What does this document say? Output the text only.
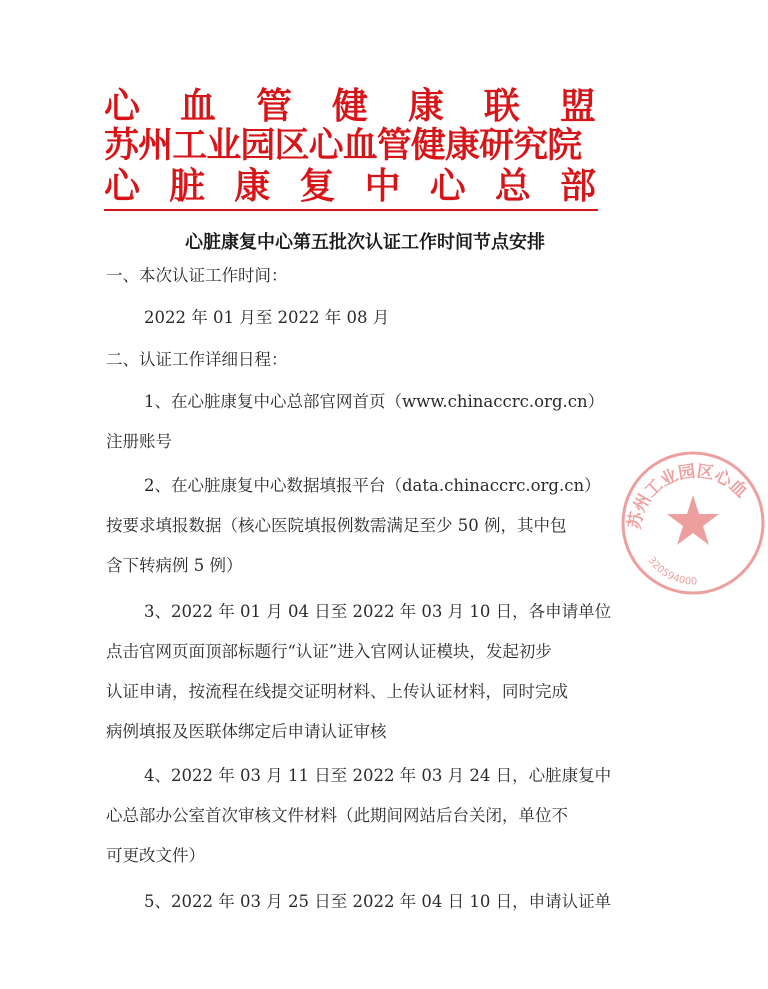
心 血 管 健 康 联 盟
苏州工业园区心血管健康研究院
心 脏 康 复 中 心 总 部
心脏康复中心第五批次认证工作时间节点安排
一、本次认证工作时间：
2022 年 01 月至 2022 年 08 月
二、认证工作详细日程：
1、在心脏康复中心总部官网首页（www.chinaccrc.org.cn）
注册账号
2、在心脏康复中心数据填报平台（data.chinaccrc.org.cn）
按要求填报数据（核心医院填报例数需满足至少 50 例，其中包
含下转病例 5 例）
3、2022 年 01 月 04 日至 2022 年 03 月 10 日，各申请单位
点击官网页面顶部标题行“认证”进入官网认证模块，发起初步
认证申请，按流程在线提交证明材料、上传认证材料，同时完成
病例填报及医联体绑定后申请认证审核
4、2022 年 03 月 11 日至 2022 年 03 月 24 日，心脏康复中
心总部办公室首次审核文件材料（此期间网站后台关闭，单位不
可更改文件）
5、2022 年 03 月 25 日至 2022 年 04 日 10 日，申请认证单
苏州工业园区心血
320594000
